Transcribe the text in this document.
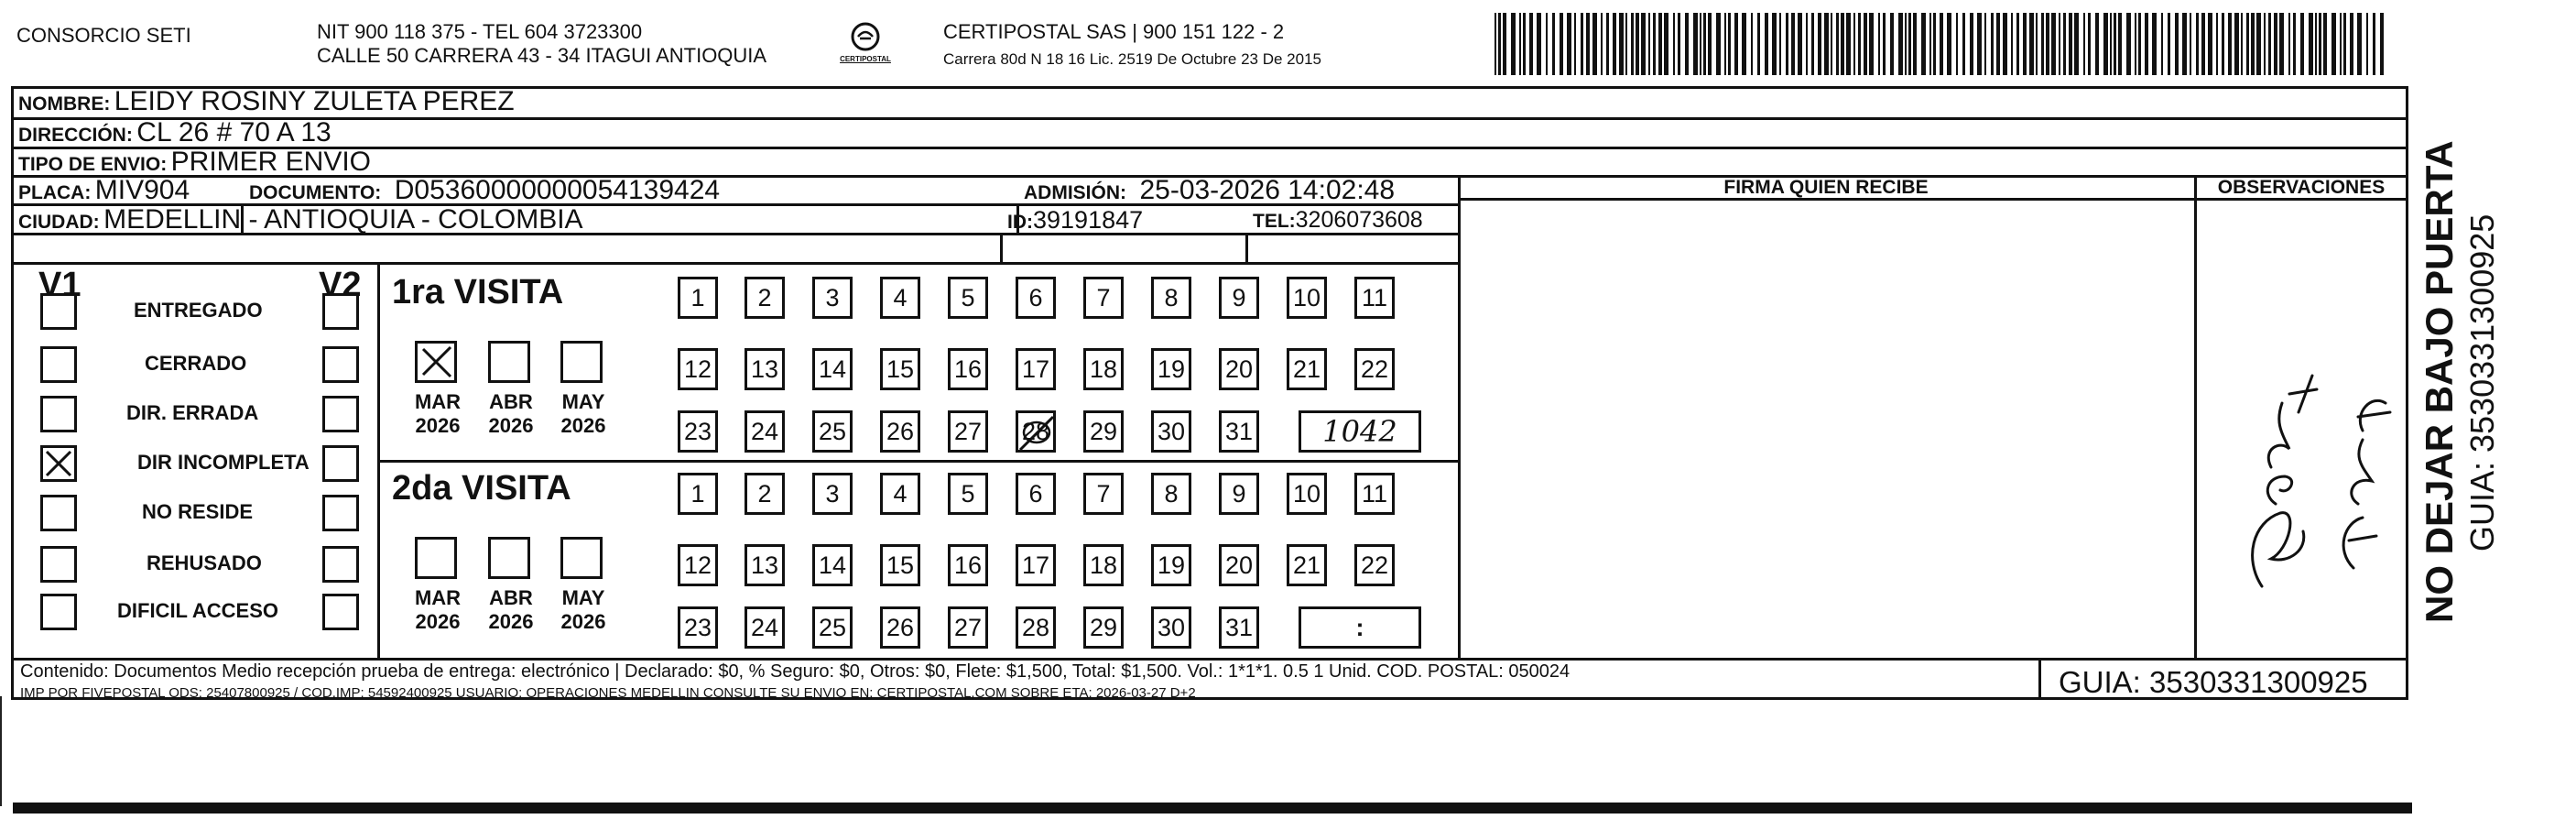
CONSORCIO SETI	NIT 900 118 375 - TEL 604 3723300
CALLE 50 CARRERA 43 - 34 ITAGUI ANTIOQUIA	CERTIPOSTAL
CERTIPOSTAL SAS | 900 151 122 - 2
Carrera 80d N 18 16 Lic. 2519 De Octubre 23 De 2015
NOMBRE: LEIDY ROSINY ZULETA PEREZ
DIRECCIÓN: CL 26 # 70 A 13
TIPO DE ENVIO: PRIMER ENVIO
FIRMA QUIEN RECIBE	OBSERVACIONES
PLACA: MIV904	DOCUMENTO: D05360000000054139424	ADMISIÓN: 25-03-2026 14:02:48
CIUDAD: MEDELLIN - ANTIOQUIA - COLOMBIA	ID:39191847	TEL:3206073608
V1	V2
ENTREGADO
CERRADO
DIR. ERRADA
DIR INCOMPLETA
NO RESIDE
REHUSADO
DIFICIL ACCESO
1ra VISITA
2da VISITA
MAR
2026
ABR
2026
MAY
2026
1	2	3	4	5	6	7	8	9	10 11
12 13 14 15 16 17 18 19 20 21 22
23 24 25 26 27 28 29 30 31	1042
MAR
2026
ABR
2026
MAY
2026
1	2	3	4	5	6	7	8	9	10 11
12 13 14 15 16 17 18 19 20 21 22
23 24 25 26 27 28 29 30 31	:
Contenido: Documentos Medio recepción prueba de entrega: electrónico | Declarado: $0, % Seguro: $0, Otros: $0, Flete: $1,500, Total: $1,500. Vol.: 1*1*1. 0.5 1 Unid. COD. POSTAL: 050024
IMP POR FIVEPOSTAL ODS: 25407800925 / COD.IMP: 54592400925 USUARIO: OPERACIONES MEDELLIN CONSULTE SU ENVIO EN: CERTIPOSTAL.COM SOBRE ETA: 2026-03-27 D+2	GUIA: 3530331300925
NO DEJAR BAJO PUERTA GUIA: 3530331300925
